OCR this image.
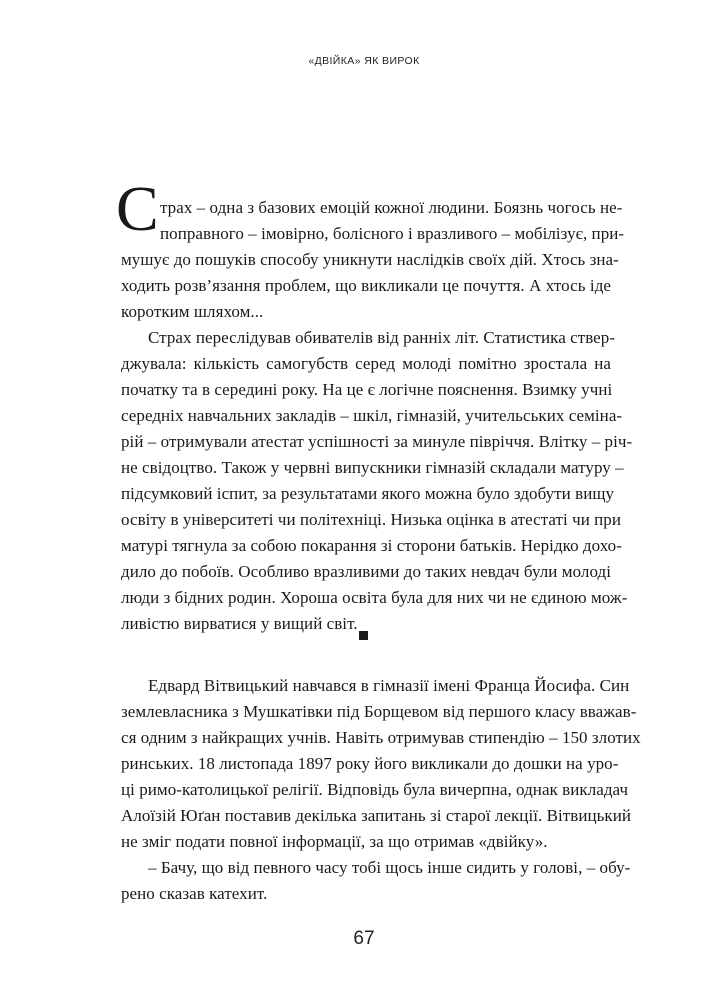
«ДВІЙКА» ЯК ВИРОК
С трах – одна з базових емоцій кожної людини. Боязнь чогось не-
поправного – імовірно, болісного і вразливого – мобілізує, при-
мушує до пошуків способу уникнути наслідків своїх дій. Хтось зна-
ходить розв’язання проблем, що викликали це почуття. А хтось іде
коротким шляхом...
Страх переслідував обивателів від ранніх літ. Статистика ствер-
джувала: кількість самогубств серед молоді помітно зростала на
початку та в середині року. На це є логічне пояснення. Взимку учні
середніх навчальних закладів – шкіл, гімназій, учительських семіна-
рій – отримували атестат успішності за минуле півріччя. Влітку – річ-
не свідоцтво. Також у червні випускники гімназій складали матуру –
підсумковий іспит, за результатами якого можна було здобути вищу
освіту в університеті чи політехніці. Низька оцінка в атестаті чи при
матурі тягнула за собою покарання зі сторони батьків. Нерідко дохо-
дило до побоїв. Особливо вразливими до таких невдач були молоді
люди з бідних родин. Хороша освіта була для них чи не єдиною мож-
ливістю вирватися у вищий світ.
Едвард Вітвицький навчався в гімназії імені Франца Йосифа. Син
землевласника з Мушкатівки під Борщевом від першого класу вважав-
ся одним з найкращих учнів. Навіть отримував стипендію – 150 злотих
ринських. 18 листопада 1897 року його викликали до дошки на уро-
ці римо-католицької релігії. Відповідь була вичерпна, однак викладач
Алоїзій Юґан поставив декілька запитань зі старої лекції. Вітвицький
не зміг подати повної інформації, за що отримав «двійку».
– Бачу, що від певного часу тобі щось інше сидить у голові, – обу-
рено сказав катехит.
67
